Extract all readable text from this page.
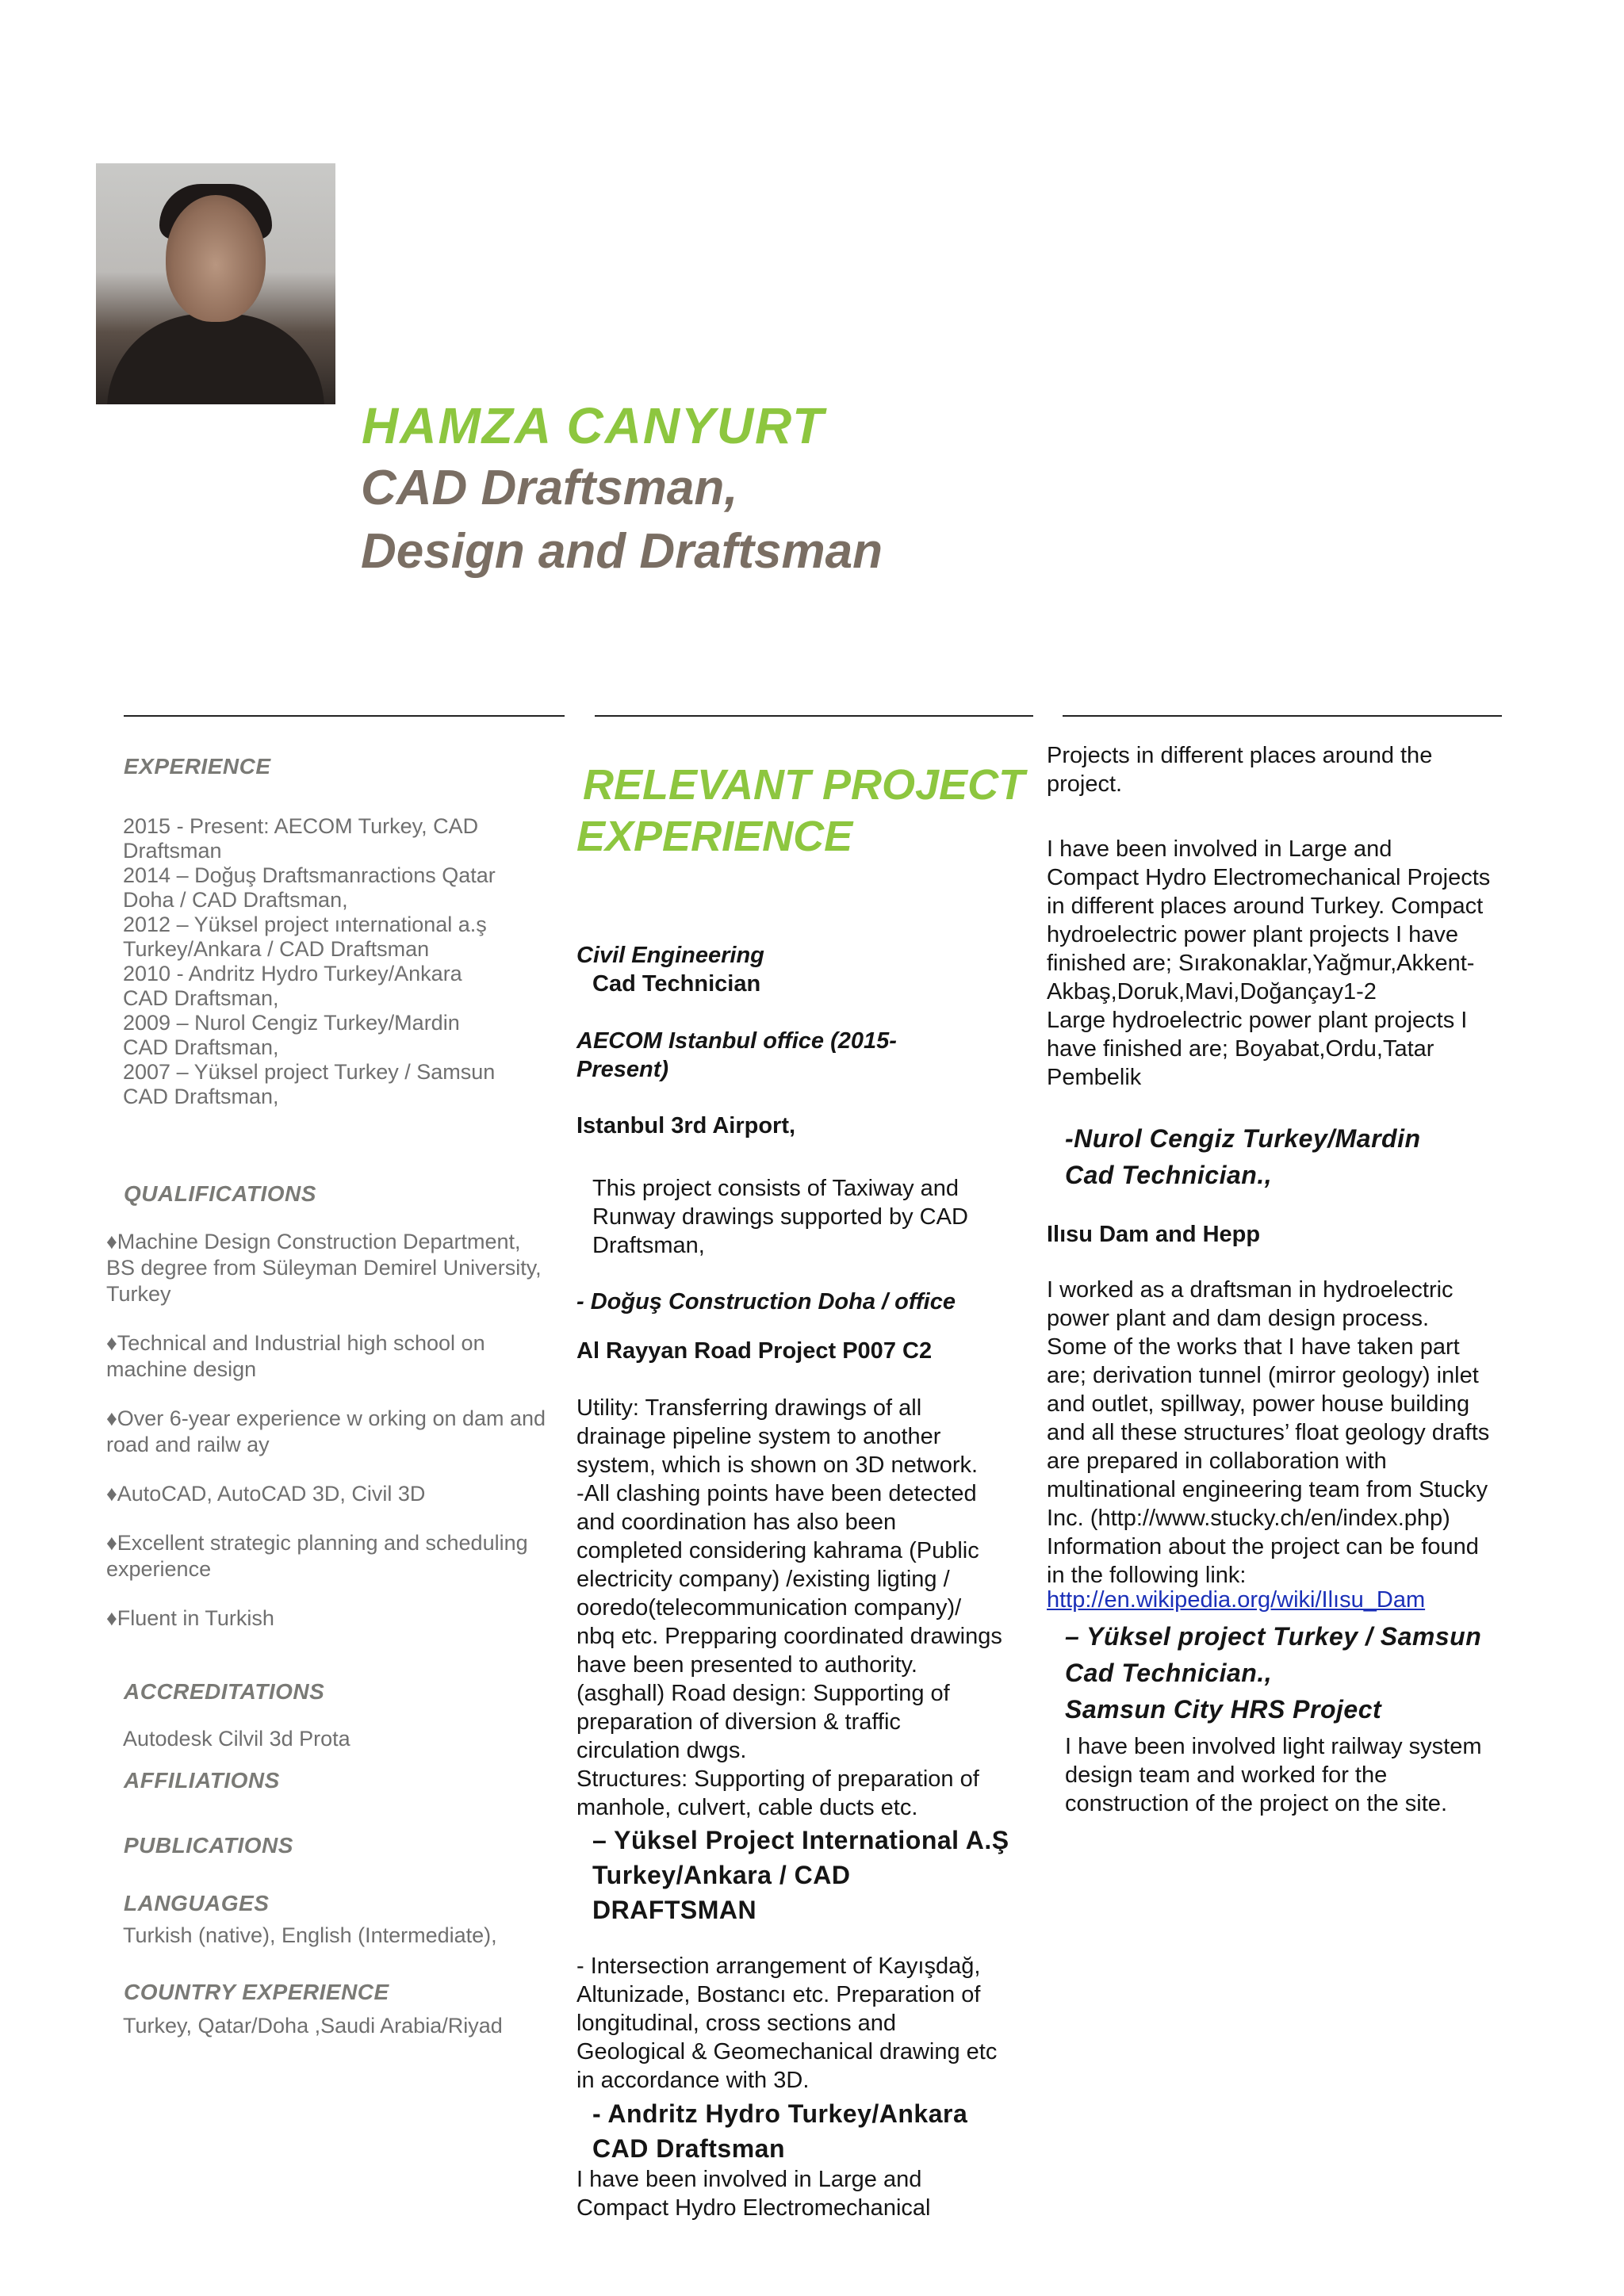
HAMZA CANYURT
CAD Draftsman,
Design and Draftsman
EXPERIENCE
2015 - Present: AECOM Turkey, CAD
Draftsman
2014 – Doğuş Draftsmanractions Qatar
Doha / CAD Draftsman,
2012 – Yüksel project ınternational a.ş
Turkey/Ankara / CAD Draftsman
2010 - Andritz Hydro Turkey/Ankara
CAD Draftsman,
2009 – Nurol Cengiz Turkey/Mardin
CAD Draftsman,
2007 – Yüksel project Turkey / Samsun
CAD Draftsman,
QUALIFICATIONS
♦ Machine Design Construction Department,
BS degree from Süleyman Demirel University,
Turkey
♦ Technical and Industrial high school on
machine design
♦ Over 6-year experience w orking on dam and
road and railw ay
♦ AutoCAD, AutoCAD 3D, Civil 3D
♦ Excellent strategic planning and scheduling
experience
♦ Fluent in Turkish
ACCREDITATIONS
Autodesk Cilvil 3d Prota
AFFILIATIONS
PUBLICATIONS
LANGUAGES
Turkish (native), English (Intermediate),
COUNTRY EXPERIENCE
Turkey, Qatar/Doha ,Saudi Arabia/Riyad
RELEVANT PROJECT
EXPERIENCE
Civil Engineering
Cad Technician
AECOM Istanbul office (2015-
Present)
Istanbul 3rd Airport,
This project consists of Taxiway and
Runway drawings supported by CAD
Draftsman,
- Doğuş Construction Doha / office
Al Rayyan Road Project P007 C2
Utility: Transferring drawings of all
drainage pipeline system to another
system, which is shown on 3D network.
-All clashing points have been detected
and coordination has also been
completed considering kahrama (Public
electricity company) /existing ligting /
ooredo(telecommunication company)/
nbq etc. Prepparing coordinated drawings
have been presented to authority.
(asghall) Road design: Supporting of
preparation of diversion & traffic
circulation dwgs.
Structures: Supporting of preparation of
manhole, culvert, cable ducts etc.
– Yüksel Project International A.Ş
Turkey/Ankara / CAD
DRAFTSMAN
- Intersection arrangement of Kayışdağ,
Altunizade, Bostancı etc. Preparation of
longitudinal, cross sections and
Geological & Geomechanical drawing etc
in accordance with 3D.
- Andritz Hydro Turkey/Ankara
CAD Draftsman
I have been involved in Large and
Compact Hydro Electromechanical
Projects in different places around the
project.
I have been involved in Large and
Compact Hydro Electromechanical Projects
in different places around Turkey. Compact
hydroelectric power plant projects I have
finished are; Sırakonaklar,Yağmur,Akkent-
Akbaş,Doruk,Mavi,Doğançay1-2
Large hydroelectric power plant projects I
have finished are; Boyabat,Ordu,Tatar
Pembelik
-Nurol Cengiz Turkey/Mardin
Cad Technician.,
Ilısu Dam and Hepp
I worked as a draftsman in hydroelectric
power plant and dam design process.
Some of the works that I have taken part
are; derivation tunnel (mirror geology) inlet
and outlet, spillway, power house building
and all these structures’ float geology drafts
are prepared in collaboration with
multinational engineering team from Stucky
Inc. (http://www.stucky.ch/en/index.php)
Information about the project can be found
in the following link:
http://en.wikipedia.org/wiki/Ilısu_Dam
– Yüksel project Turkey / Samsun
Cad Technician.,
Samsun City HRS Project
I have been involved light railway system
design team and worked for the
construction of the project on the site.
